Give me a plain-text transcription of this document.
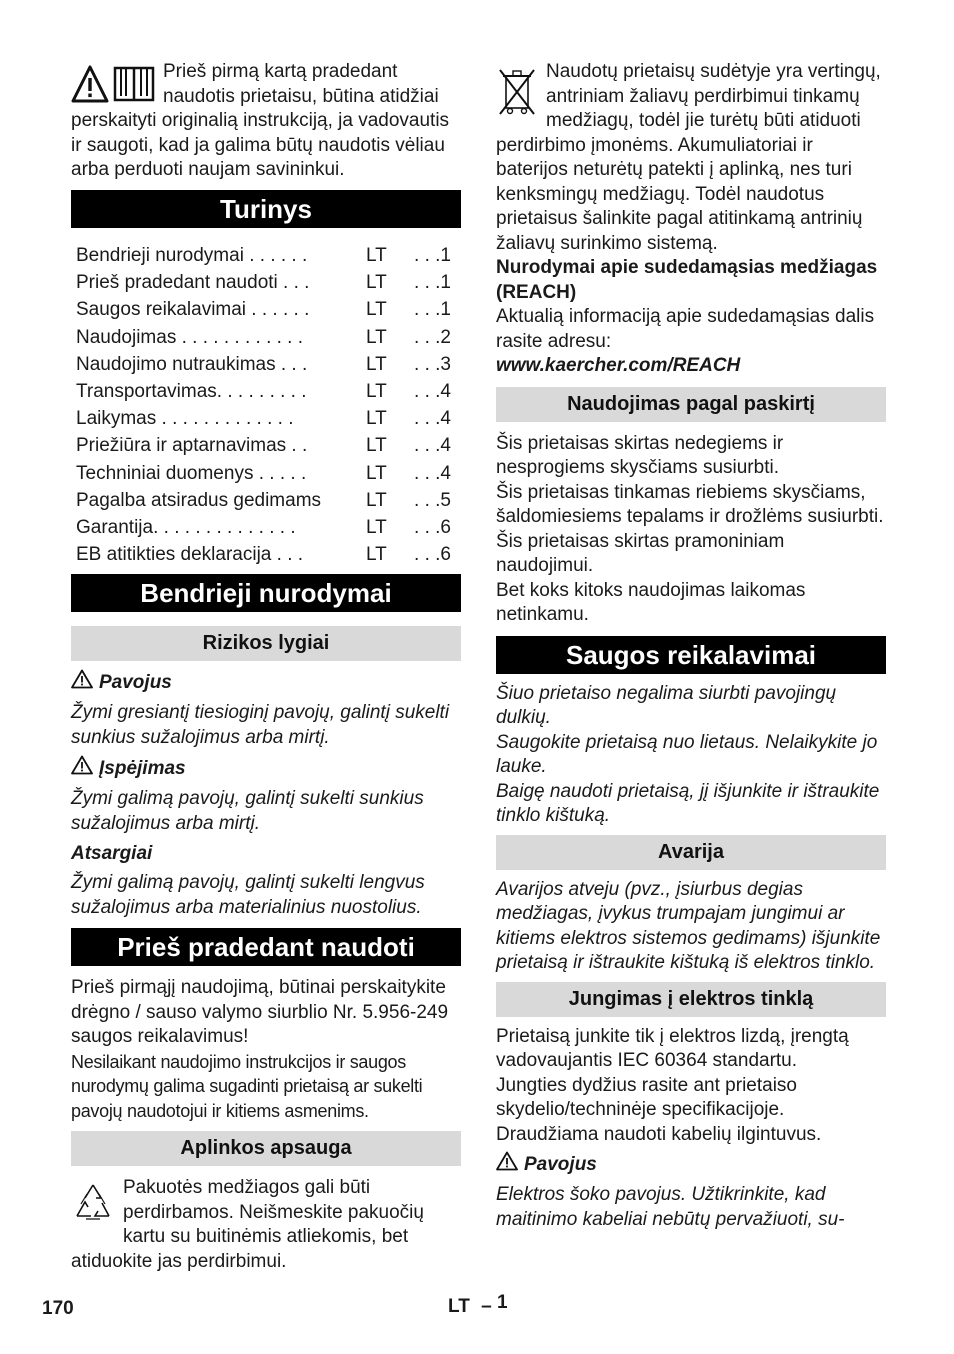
Prieš pirmą kartą pradedant naudotis prietaisu, būtina atidžiai perskaityti originalią instrukciją, ja vadovautis ir saugoti, kad ja galima būtų naudotis vėliau arba perduoti naujam savininkui.

Turinys
Bendrieji nurodymai . . . . . .	LT	. . .1
Prieš pradedant naudoti . . .	LT	. . .1
Saugos reikalavimai . . . . . .	LT	. . .1
Naudojimas . . . . . . . . . . . .	LT	. . .2
Naudojimo nutraukimas . . .	LT	. . .3
Transportavimas. . . . . . . . .	LT	. . .4
Laikymas . . . . . . . . . . . . .	LT	. . .4
Priežiūra ir aptarnavimas . .	LT	. . .4
Techniniai duomenys . . . . .	LT	. . .4
Pagalba atsiradus gedimams	LT	. . .5
Garantija. . . . . . . . . . . . . .	LT	. . .6
EB atitikties deklaracija . . .	LT	. . .6
Bendrieji nurodymai
Rizikos lygiai
Pavojus

Žymi gresiantį tiesioginį pavojų, galintį sukelti sunkius sužalojimus arba mirtį.

Įspėjimas

Žymi galimą pavojų, galintį sukelti sunkius sužalojimus arba mirtį.

Atsargiai

Žymi galimą pavojų, galintį sukelti lengvus sužalojimus arba materialinius nuostolius.

Prieš pradedant naudoti

Prieš pirmąjį naudojimą, būtinai perskaitykite drėgno / sauso valymo siurblio Nr. 5.956-249 saugos reikalavimus!

Nesilaikant naudojimo instrukcijos ir saugos nurodymų galima sugadinti prietaisą ar sukelti pavojų naudotojui ir kitiems asmenims.

Aplinkos apsauga

Pakuotės medžiagos gali būti perdirbamos. Neišmeskite pakuočių kartu su buitinėmis atliekomis, bet atiduokite jas perdirbimui.

Naudotų prietaisų sudėtyje yra vertingų, antriniam žaliavų perdirbimui tinkamų medžiagų, todėl jie turėtų būti atiduoti perdirbimo įmonėms. Akumuliatoriai ir baterijos neturėtų patekti į aplinką, nes turi kenksmingų medžiagų. Todėl naudotus prietaisus šalinkite pagal atitinkamą antrinių žaliavų surinkimo sistemą.

Nurodymai apie sudedamąsias medžiagas (REACH)

Aktualią informaciją apie sudedamąsias dalis rasite adresu:

www.kaercher.com/REACH

Naudojimas pagal paskirtį

Šis prietaisas skirtas nedegiems ir nesprogiems skysčiams susiurbti.

Šis prietaisas tinkamas riebiems skysčiams, šaldomiesiems tepalams ir drožlėms susiurbti.

Šis prietaisas skirtas pramoniniam naudojimui.

Bet koks kitoks naudojimas laikomas netinkamu.

Saugos reikalavimai

Šiuo prietaiso negalima siurbti pavojingų dulkių.

Saugokite prietaisą nuo lietaus. Nelaikykite jo lauke.

Baigę naudoti prietaisą, jį išjunkite ir ištraukite tinklo kištuką.

Avarija

Avarijos atveju (pvz., įsiurbus degias medžiagas, įvykus trumpajam jungimui ar kitiems elektros sistemos gedimams) išjunkite prietaisą ir ištraukite kištuką iš elektros tinklo.

Jungimas į elektros tinklą

Prietaisą junkite tik į elektros lizdą, įrengtą vadovaujantis IEC 60364 standartu.

Jungties dydžius rasite ant prietaiso skydelio/techninėje specifikacijoje.

Draudžiama naudoti kabelių ilgintuvus.

Pavojus

Elektros šoko pavojus. Užtikrinkite, kad maitinimo kabeliai nebūtų pervažiuoti, su-

170	LT – 1
